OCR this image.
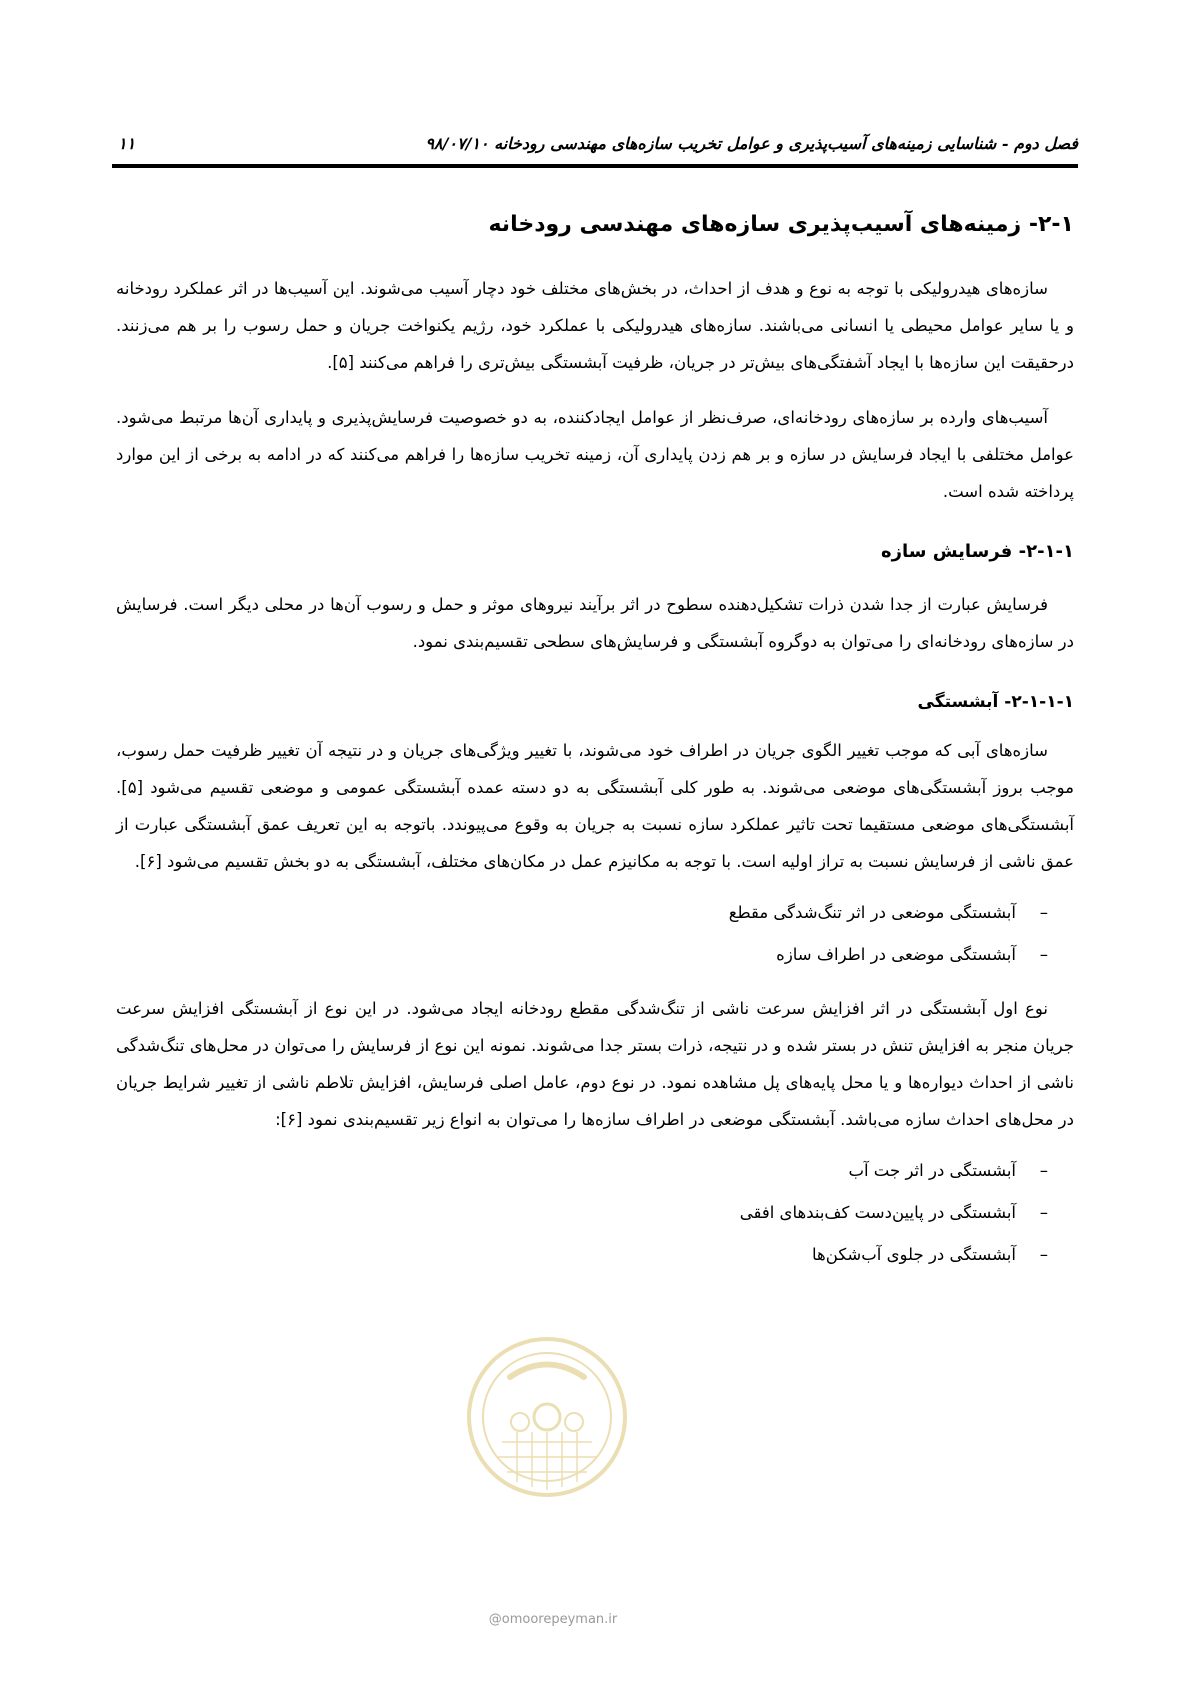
فصل دوم - شناسایی زمینه‌های آسیب‌پذیری و عوامل تخریب سازه‌های مهندسی رودخانه ۹۸/۰۷/۱۰
۱۱
۲-۱- زمینه‌های آسیب‌پذیری سازه‌های مهندسی رودخانه

سازه‌های هیدرولیکی با توجه به نوع و هدف از احداث، در بخش‌های مختلف خود دچار آسیب می‌شوند. این آسیب‌ها در اثر عملکرد رودخانه و یا سایر عوامل محیطی یا انسانی می‌باشند. سازه‌های هیدرولیکی با عملکرد خود، رژیم یکنواخت جریان و حمل رسوب را بر هم می‌زنند. درحقیقت این سازه‌ها با ایجاد آشفتگی‌های بیش‌تر در جریان، ظرفیت آبشستگی بیش‌تری را فراهم می‌کنند [۵].

آسیب‌های وارده بر سازه‌های رودخانه‌ای، صرف‌نظر از عوامل ایجادکننده، به دو خصوصیت فرسایش‌پذیری و پایداری آن‌ها مرتبط می‌شود. عوامل مختلفی با ایجاد فرسایش در سازه و بر هم زدن پایداری آن، زمینه تخریب سازه‌ها را فراهم می‌کنند که در ادامه به برخی از این موارد پرداخته شده است.

۲-۱-۱- فرسایش سازه

فرسایش عبارت از جدا شدن ذرات تشکیل‌دهنده سطوح در اثر برآیند نیروهای موثر و حمل و رسوب آن‌ها در محلی دیگر است. فرسایش در سازه‌های رودخانه‌ای را می‌توان به دوگروه آبشستگی و فرسایش‌های سطحی تقسیم‌بندی نمود.

۲-۱-۱-۱- آبشستگی

سازه‌های آبی که موجب تغییر الگوی جریان در اطراف خود می‌شوند، با تغییر ویژگی‌های جریان و در نتیجه آن تغییر ظرفیت حمل رسوب، موجب بروز آبشستگی‌های موضعی می‌شوند. به طور کلی آبشستگی به دو دسته عمده آبشستگی عمومی و موضعی تقسیم می‌شود [۵]. آبشستگی‌های موضعی مستقیما تحت تاثیر عملکرد سازه نسبت به جریان به وقوع می‌پیوندد. باتوجه به این تعریف عمق آبشستگی عبارت از عمق ناشی از فرسایش نسبت به تراز اولیه است. با توجه به مکانیزم عمل در مکان‌های مختلف، آبشستگی به دو بخش تقسیم می‌شود [۶].

–آبشستگی موضعی در اثر تنگ‌شدگی مقطع
–آبشستگی موضعی در اطراف سازه

نوع اول آبشستگی در اثر افزایش سرعت ناشی از تنگ‌شدگی مقطع رودخانه ایجاد می‌شود. در این نوع از آبشستگی افزایش سرعت جریان منجر به افزایش تنش در بستر شده و در نتیجه، ذرات بستر جدا می‌شوند. نمونه این نوع از فرسایش را می‌توان در محل‌های تنگ‌شدگی ناشی از احداث دیواره‌ها و یا محل پایه‌های پل مشاهده نمود. در نوع دوم، عامل اصلی فرسایش، افزایش تلاطم ناشی از تغییر شرایط جریان در محل‌های احداث سازه می‌باشد. آبشستگی موضعی در اطراف سازه‌ها را می‌توان به انواع زیر تقسیم‌بندی نمود [۶]:

–آبشستگی در اثر جت آب
–آبشستگی در پایین‌دست کف‌بندهای افقی
–آبشستگی در جلوی آب‌شکن‌ها
@omoorepeyman.ir
